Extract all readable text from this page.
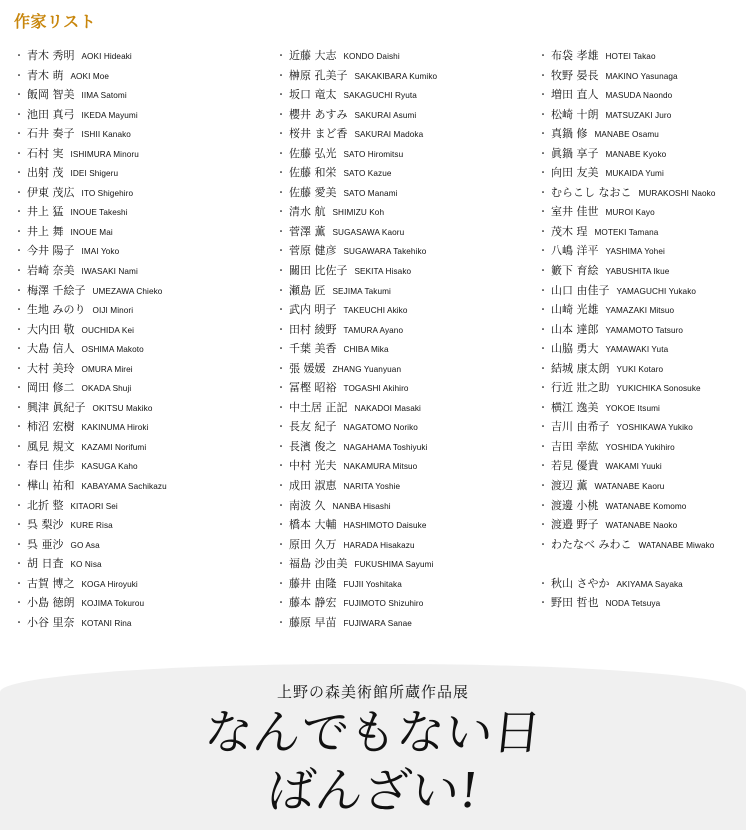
作家リスト
・ 青木 秀明 AOKI Hideaki
・ 青木 萌 AOKI Moe
・ 飯岡 智美 IIMA Satomi
・ 池田 真弓 IKEDA Mayumi
・ 石井 奏子 ISHII Kanako
・ 石村 実 ISHIMURA Minoru
・ 出射 茂 IDEI Shigeru
・ 伊東 茂広 ITO Shigehiro
・ 井上 猛 INOUE Takeshi
・ 井上 舞 INOUE Mai
・ 今井 陽子 IMAI Yoko
・ 岩崎 奈美 IWASAKI Nami
・ 梅澤 千絵子 UMEZAWA Chieko
・ 生地 みのり OIJI Minori
・ 大内田 敬 OUCHIDA Kei
・ 大島 信人 OSHIMA Makoto
・ 大村 美玲 OMURA Mirei
・ 岡田 修二 OKADA Shuji
・ 興津 眞紀子 OKITSU Makiko
・ 柿沼 宏樹 KAKINUMA Hiroki
・ 風見 規文 KAZAMI Norifumi
・ 春日 佳歩 KASUGA Kaho
・ 樺山 祐和 KABAYAMA Sachikazu
・ 北折 整 KITAORI Sei
・ 呉 梨沙 KURE Risa
・ 呉 亜沙 GO Asa
・ 胡 日査 KO Nisa
・ 古賀 博之 KOGA Hiroyuki
・ 小島 徳朗 KOJIMA Tokurou
・ 小谷 里奈 KOTANI Rina
・ 近藤 大志 KONDO Daishi
・ 榊原 孔美子 SAKAKIBARA Kumiko
・ 坂口 竜太 SAKAGUCHI Ryuta
・ 櫻井 あすみ SAKURAI Asumi
・ 桜井 まど香 SAKURAI Madoka
・ 佐藤 弘光 SATO Hiromitsu
・ 佐藤 和栄 SATO Kazue
・ 佐藤 愛美 SATO Manami
・ 清水 航 SHIMIZU Koh
・ 菅澤 薫 SUGASAWA Kaoru
・ 菅原 健彦 SUGAWARA Takehiko
・ 關田 比佐子 SEKITA Hisako
・ 瀬島 匠 SEJIMA Takumi
・ 武内 明子 TAKEUCHI Akiko
・ 田村 綾野 TAMURA Ayano
・ 千葉 美香 CHIBA Mika
・ 張 媛媛 ZHANG Yuanyuan
・ 冨樫 昭裕 TOGASHI Akihiro
・ 中土居 正記 NAKADOI Masaki
・ 長友 紀子 NAGATOMO Noriko
・ 長濱 俊之 NAGAHAMA Toshiyuki
・ 中村 光夫 NAKAMURA Mitsuo
・ 成田 淑恵 NARITA Yoshie
・ 南波 久 NANBA Hisashi
・ 橋本 大輔 HASHIMOTO Daisuke
・ 原田 久万 HARADA Hisakazu
・ 福島 沙由美 FUKUSHIMA Sayumi
・ 藤井 由隆 FUJII Yoshitaka
・ 藤本 静宏 FUJIMOTO Shizuhiro
・ 藤原 早苗 FUJIWARA Sanae
・ 布袋 孝雄 HOTEI Takao
・ 牧野 晏長 MAKINO Yasunaga
・ 増田 直人 MASUDA Naondo
・ 松崎 十朗 MATSUZAKI Juro
・ 真鍋 修 MANABE Osamu
・ 眞鍋 享子 MANABE Kyoko
・ 向田 友美 MUKAIDA Yumi
・ むらこし なおこ MURAKOSHI Naoko
・ 室井 佳世 MUROI Kayo
・ 茂木 珵 MOTEKI Tamana
・ 八嶋 洋平 YASHIMA Yohei
・ 籔下 育絵 YABUSHITA Ikue
・ 山口 由佳子 YAMAGUCHI Yukako
・ 山崎 光雄 YAMAZAKI Mitsuo
・ 山本 達郎 YAMAMOTO Tatsuro
・ 山脇 勇大 YAMAWAKI Yuta
・ 結城 康太朗 YUKI Kotaro
・ 行近 壯之助 YUKICHIKA Sonosuke
・ 横江 逸美 YOKOE Itsumi
・ 吉川 由希子 YOSHIKAWA Yukiko
・ 吉田 幸紘 YOSHIDA Yukihiro
・ 若見 優貴 WAKAMI Yuuki
・ 渡辺 薫 WATANABE Kaoru
・ 渡邊 小桃 WATANABE Komomo
・ 渡邉 野子 WATANABE Naoko
・ わたなべ みわこ WATANABE Miwako
・ 秋山 さやか AKIYAMA Sayaka
・ 野田 哲也 NODA Tetsuya
上野の森美術館所蔵作品展
なんでもない日
ばんざい!
